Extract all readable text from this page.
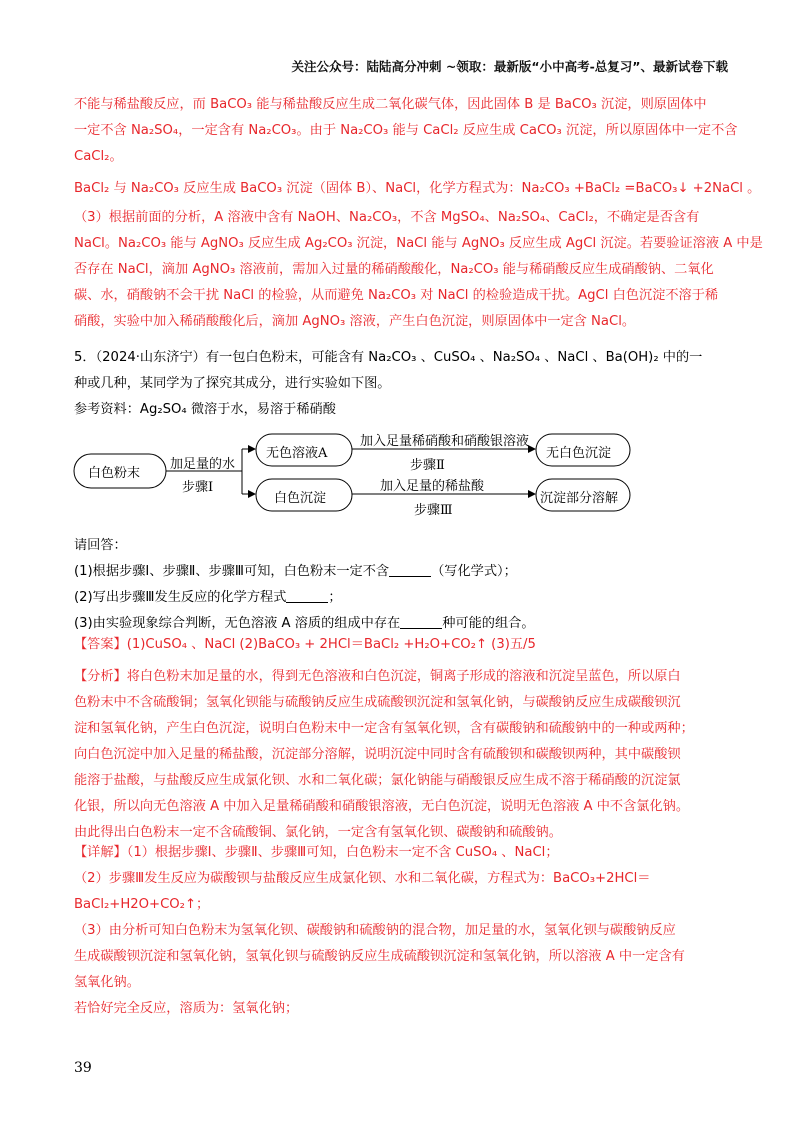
关注公众号：陆陆高分冲刺 ~领取：最新版“小中高考-总复习”、最新试卷下载
不能与稀盐酸反应，而 BaCO₃ 能与稀盐酸反应生成二氧化碳气体，因此固体 B 是 BaCO₃ 沉淀，则原固体中
一定不含 Na₂SO₄，一定含有 Na₂CO₃。由于 Na₂CO₃ 能与 CaCl₂ 反应生成 CaCO₃ 沉淀，所以原固体中一定不含
CaCl₂。
BaCl₂ 与 Na₂CO₃ 反应生成 BaCO₃ 沉淀（固体 B）、NaCl，化学方程式为：Na₂CO₃ +BaCl₂ =BaCO₃↓ +2NaCl 。
（3）根据前面的分析，A 溶液中含有 NaOH、Na₂CO₃，不含 MgSO₄、Na₂SO₄、CaCl₂，不确定是否含有
NaCl。Na₂CO₃ 能与 AgNO₃ 反应生成 Ag₂CO₃ 沉淀，NaCl 能与 AgNO₃ 反应生成 AgCl 沉淀。若要验证溶液 A 中是
否存在 NaCl，滴加 AgNO₃ 溶液前，需加入过量的稀硝酸酸化，Na₂CO₃ 能与稀硝酸反应生成硝酸钠、二氧化
碳、水，硝酸钠不会干扰 NaCl 的检验，从而避免 Na₂CO₃ 对 NaCl 的检验造成干扰。AgCl 白色沉淀不溶于稀
硝酸，实验中加入稀硝酸酸化后，滴加 AgNO₃ 溶液，产生白色沉淀，则原固体中一定含 NaCl。
5．（2024·山东济宁）有一包白色粉末，可能含有 Na₂CO₃ 、CuSO₄ 、Na₂SO₄ 、NaCl 、Ba(OH)₂ 中的一
种或几种，某同学为了探究其成分，进行实验如下图。
参考资料：Ag₂SO₄ 微溶于水，易溶于稀硝酸
白色粉末
加足量的水
步骤Ⅰ
无色溶液A
加入足量稀硝酸和硝酸银溶液
步骤Ⅱ
无白色沉淀
白色沉淀
加入足量的稀盐酸
步骤Ⅲ
沉淀部分溶解
请回答：
(1)根据步骤Ⅰ、步骤Ⅱ、步骤Ⅲ可知，白色粉末一定不含	（写化学式）；
(2)写出步骤Ⅲ发生反应的化学方程式	；
(3)由实验现象综合判断，无色溶液 A 溶质的组成中存在	种可能的组合。
【答案】(1)CuSO₄ 、NaCl (2)BaCO₃ + 2HCl＝BaCl₂ +H₂O+CO₂↑ (3)五/5
【分析】将白色粉末加足量的水，得到无色溶液和白色沉淀，铜离子形成的溶液和沉淀呈蓝色，所以原白
色粉末中不含硫酸铜；氢氧化钡能与硫酸钠反应生成硫酸钡沉淀和氢氧化钠，与碳酸钠反应生成碳酸钡沉
淀和氢氧化钠，产生白色沉淀，说明白色粉末中一定含有氢氧化钡，含有碳酸钠和硫酸钠中的一种或两种；
向白色沉淀中加入足量的稀盐酸，沉淀部分溶解，说明沉淀中同时含有硫酸钡和碳酸钡两种，其中碳酸钡
能溶于盐酸，与盐酸反应生成氯化钡、水和二氧化碳；氯化钠能与硝酸银反应生成不溶于稀硝酸的沉淀氯
化银，所以向无色溶液 A 中加入足量稀硝酸和硝酸银溶液，无白色沉淀，说明无色溶液 A 中不含氯化钠。
由此得出白色粉末一定不含硫酸铜、氯化钠，一定含有氢氧化钡、碳酸钠和硫酸钠。
【详解】（1）根据步骤Ⅰ、步骤Ⅱ、步骤Ⅲ可知，白色粉末一定不含 CuSO₄ 、NaCl；
（2）步骤Ⅲ发生反应为碳酸钡与盐酸反应生成氯化钡、水和二氧化碳，方程式为：BaCO₃+2HCl＝
BaCl₂+H2O+CO₂↑；
（3）由分析可知白色粉末为氢氧化钡、碳酸钠和硫酸钠的混合物，加足量的水，氢氧化钡与碳酸钠反应
生成碳酸钡沉淀和氢氧化钠，氢氧化钡与硫酸钠反应生成硫酸钡沉淀和氢氧化钠，所以溶液 A 中一定含有
氢氧化钠。
若恰好完全反应，溶质为：氢氧化钠；
39
